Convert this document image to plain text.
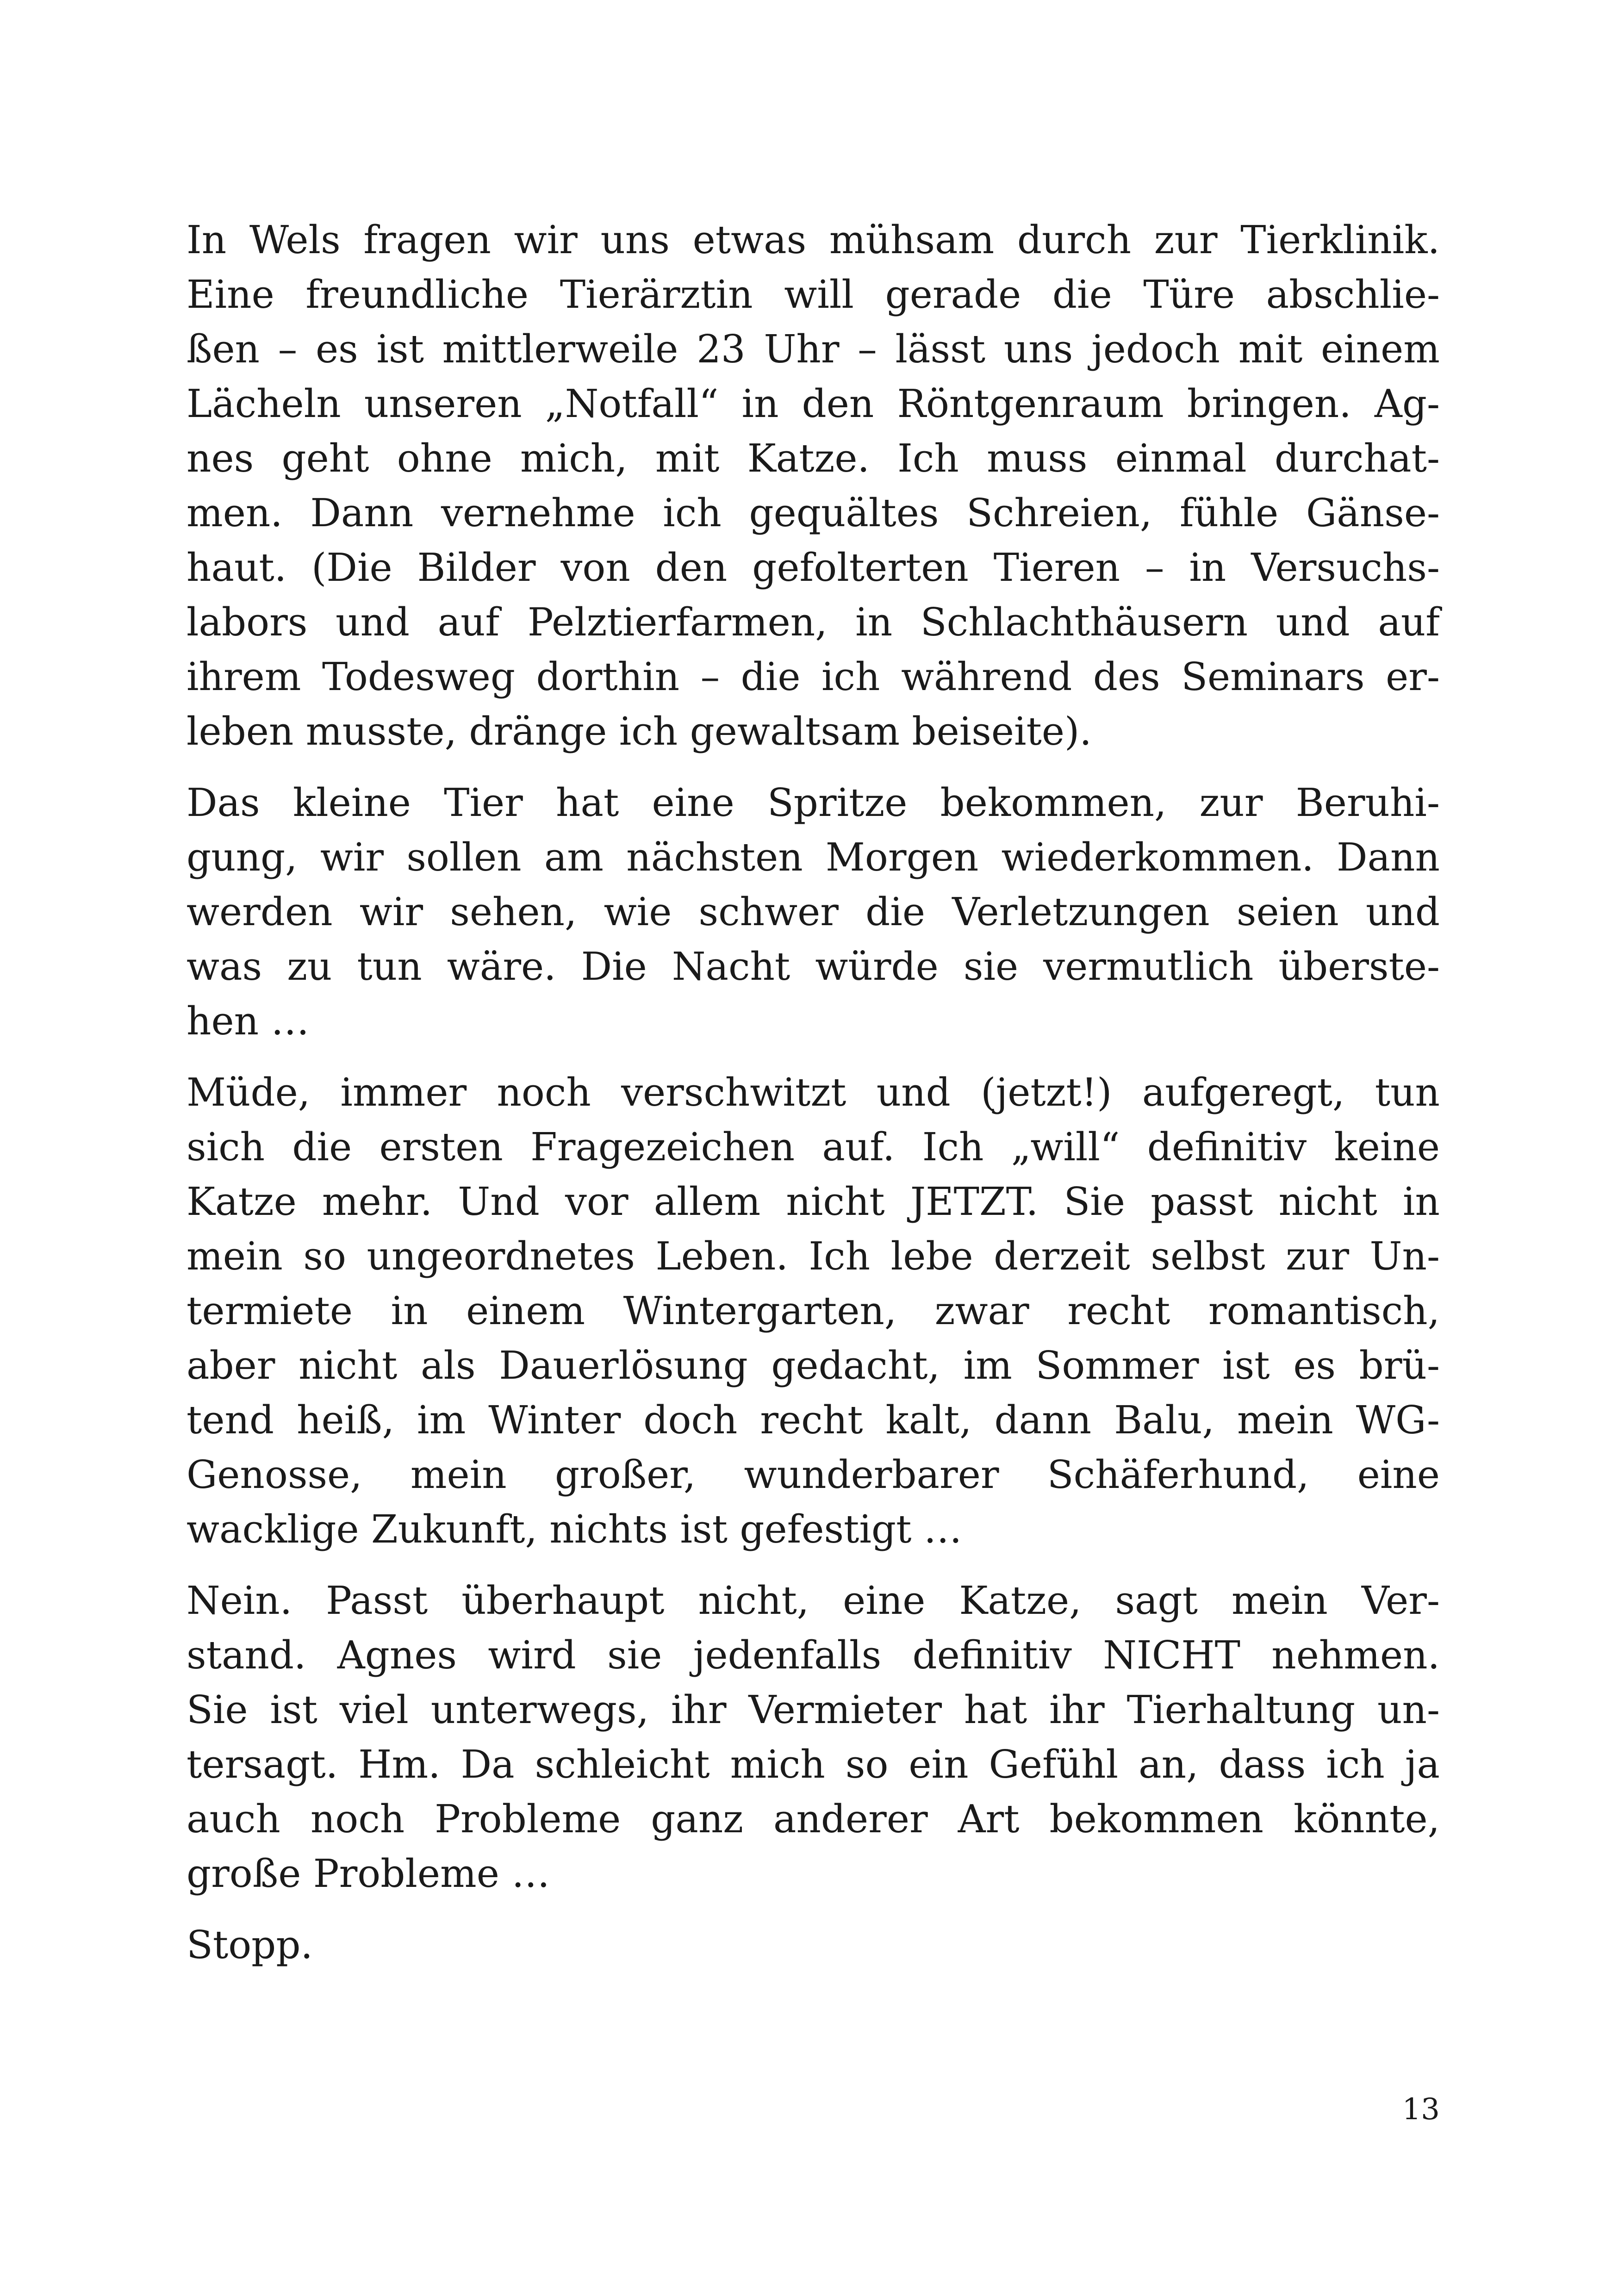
In Wels fragen wir uns etwas mühsam durch zur Tierklinik.
Eine freundliche Tierärztin will gerade die Türe abschlie-
ßen – es ist mittlerweile 23 Uhr – lässt uns jedoch mit einem
Lächeln unseren „Notfall“ in den Röntgenraum bringen. Ag-
nes geht ohne mich, mit Katze. Ich muss einmal durchat-
men. Dann vernehme ich gequältes Schreien, fühle Gänse-
haut. (Die Bilder von den gefolterten Tieren – in Versuchs-
labors und auf Pelztierfarmen, in Schlachthäusern und auf
ihrem Todesweg dorthin – die ich während des Seminars er-
leben musste, dränge ich gewaltsam beiseite).
Das kleine Tier hat eine Spritze bekommen, zur Beruhi-
gung, wir sollen am nächsten Morgen wiederkommen. Dann
werden wir sehen, wie schwer die Verletzungen seien und
was zu tun wäre. Die Nacht würde sie vermutlich überste-
hen …
Müde, immer noch verschwitzt und (jetzt!) aufgeregt, tun
sich die ersten Fragezeichen auf. Ich „will“ definitiv keine
Katze mehr. Und vor allem nicht JETZT. Sie passt nicht in
mein so ungeordnetes Leben. Ich lebe derzeit selbst zur Un-
termiete in einem Wintergarten, zwar recht romantisch,
aber nicht als Dauerlösung gedacht, im Sommer ist es brü-
tend heiß, im Winter doch recht kalt, dann Balu, mein WG-
Genosse, mein großer, wunderbarer Schäferhund, eine
wacklige Zukunft, nichts ist gefestigt …
Nein. Passt überhaupt nicht, eine Katze, sagt mein Ver-
stand. Agnes wird sie jedenfalls definitiv NICHT nehmen.
Sie ist viel unterwegs, ihr Vermieter hat ihr Tierhaltung un-
tersagt. Hm. Da schleicht mich so ein Gefühl an, dass ich ja
auch noch Probleme ganz anderer Art bekommen könnte,
große Probleme …
Stopp.
13
